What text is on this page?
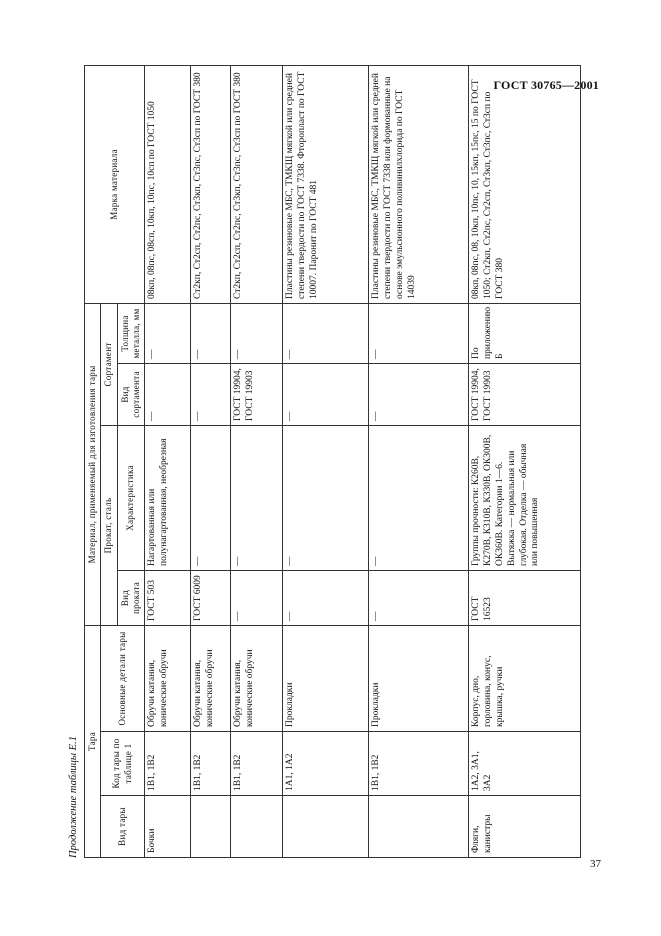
ГОСТ 30765—2001
Продолжение таблицы Е.1 Тара			Материал, применяемый для изготовления тары				Марка материала
Вид тары	Код тары по таблице 1	Основные детали тары	Прокат, сталь		Сортамент		
			Вид проката	Характеристика	Вид сортамента	Толщина металла, мм	
Бочки	1В1, 1В2	Обручи катания, конические обручи	ГОСТ 503	Нагартованная или полунагартованная, необрезная	—	—	08кп, 08пс, 08сп, 10кп, 10пс, 10сп по ГОСТ 1050
	1В1, 1В2	Обручи катания, конические обручи	ГОСТ 6009	—	—	—	Ст2кп, Ст2сп, Ст2пс, Ст3кп, Ст3пс, Ст3сп по ГОСТ 380
	1В1, 1В2	Обручи катания, конические обручи	—	—	ГОСТ 19904, ГОСТ 19903	—	Ст2кп, Ст2сп, Ст2пс, Ст3кп, Ст3пс, Ст3сп по ГОСТ 380
	1А1, 1А2	Прокладки	—	—	—	—	Пластины резиновые МБС, ТМКЩ мягкой или средней степени твердости по ГОСТ 7338. Фторопласт по ГОСТ 10007. Паронит по ГОСТ 481
	1В1, 1В2	Прокладки	—	—	—	—	Пластины резиновые МБС, ТМКЩ мягкой или средней степени твердости по ГОСТ 7338 или формованные на основе эмульсионного поливинилхлорида по ГОСТ 14039
Фляги, канистры	1А2, 3А1, 3А2	Корпус, дно, горловина, конус, крышка, ручки	ГОСТ 16523	Группы прочности: К260В, К270В, К310В, К330В, ОК300В, ОК360В. Категории 1—6. Вытяжка — нормальная или глубокая. Отделка — обычная или повышенная	ГОСТ 19904, ГОСТ 19903	По приложению Б	08кп, 08пс, 08, 10кп, 10пс, 10, 15кп, 15пс, 15 по ГОСТ 1050; Ст2кп, Ст2пс, Ст2сп, Ст3кп, Ст3пс, Ст3сп по ГОСТ 380
37
